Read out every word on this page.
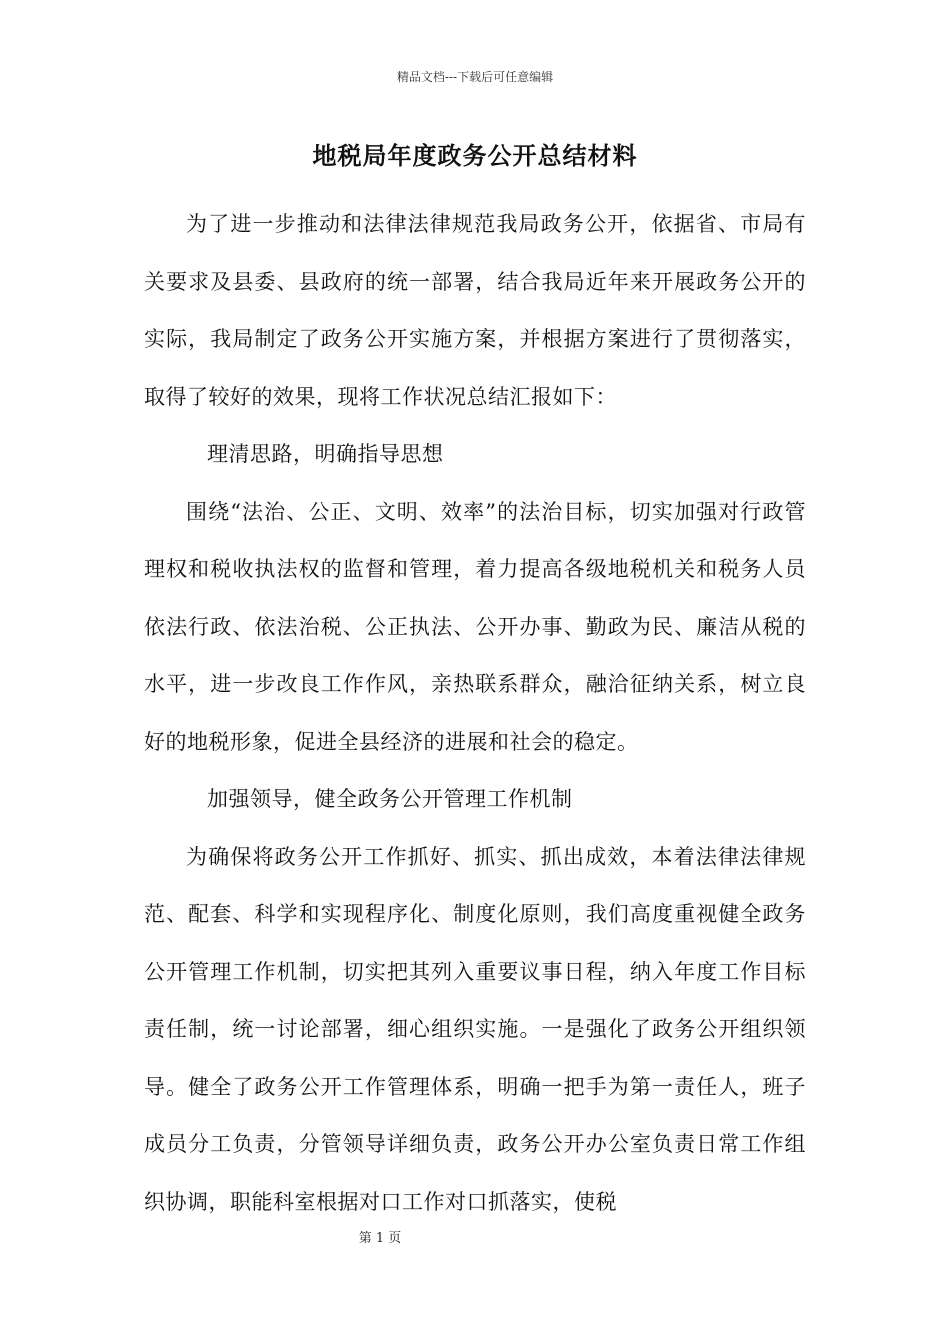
精品文档---下载后可任意编辑
地税局年度政务公开总结材料

为了进一步推动和法律法律规范我局政务公开，依据省、市局有关要求及县委、县政府的统一部署，结合我局近年来开展政务公开的实际，我局制定了政务公开实施方案，并根据方案进行了贯彻落实，取得了较好的效果，现将工作状况总结汇报如下：

理清思路，明确指导思想

围绕“法治、公正、文明、效率”的法治目标，切实加强对行政管理权和税收执法权的监督和管理，着力提高各级地税机关和税务人员依法行政、依法治税、公正执法、公开办事、勤政为民、廉洁从税的水平，进一步改良工作作风，亲热联系群众，融洽征纳关系，树立良好的地税形象，促进全县经济的进展和社会的稳定。

加强领导，健全政务公开管理工作机制

为确保将政务公开工作抓好、抓实、抓出成效，本着法律法律规范、配套、科学和实现程序化、制度化原则，我们高度重视健全政务公开管理工作机制，切实把其列入重要议事日程，纳入年度工作目标责任制，统一讨论部署，细心组织实施。一是强化了政务公开组织领导。健全了政务公开工作管理体系，明确一把手为第一责任人，班子成员分工负责，分管领导详细负责，政务公开办公室负责日常工作组织协调，职能科室根据对口工作对口抓落实，使税

第 1 页
